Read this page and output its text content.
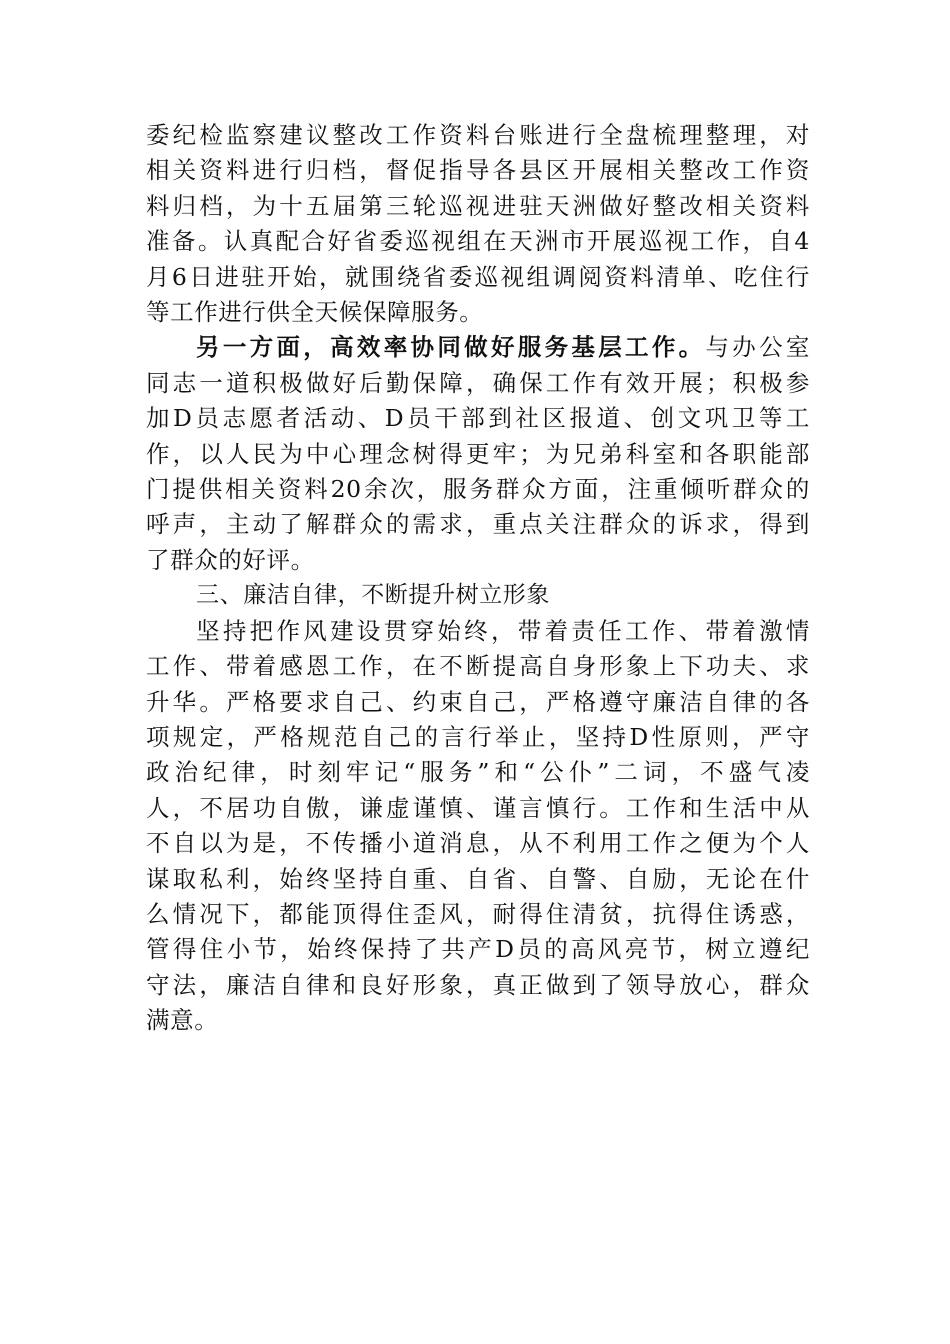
委纪检监察建议整改工作资料台账进行全盘梳理整理，对
相关资料进行归档，督促指导各县区开展相关整改工作资
料归档，为十五届第三轮巡视进驻天洲做好整改相关资料
准备。认真配合好省委巡视组在天洲市开展巡视工作，自4
月6日进驻开始，就围绕省委巡视组调阅资料清单、吃住行
等工作进行供全天候保障服务。
另一方面，高效率协同做好服务基层工作。与办公室
同志一道积极做好后勤保障，确保工作有效开展；积极参
加D员志愿者活动、D员干部到社区报道、创文巩卫等工
作，以人民为中心理念树得更牢；为兄弟科室和各职能部
门提供相关资料20余次，服务群众方面，注重倾听群众的
呼声，主动了解群众的需求，重点关注群众的诉求，得到
了群众的好评。
三、廉洁自律，不断提升树立形象
坚持把作风建设贯穿始终，带着责任工作、带着激情
工作、带着感恩工作，在不断提高自身形象上下功夫、求
升华。严格要求自己、约束自己，严格遵守廉洁自律的各
项规定，严格规范自己的言行举止，坚持D性原则，严守
政治纪律，时刻牢记“服务”和“公仆”二词，不盛气凌
人，不居功自傲，谦虚谨慎、谨言慎行。工作和生活中从
不自以为是，不传播小道消息，从不利用工作之便为个人
谋取私利，始终坚持自重、自省、自警、自励，无论在什
么情况下，都能顶得住歪风，耐得住清贫，抗得住诱惑，
管得住小节，始终保持了共产D员的高风亮节，树立遵纪
守法，廉洁自律和良好形象，真正做到了领导放心，群众
满意。
